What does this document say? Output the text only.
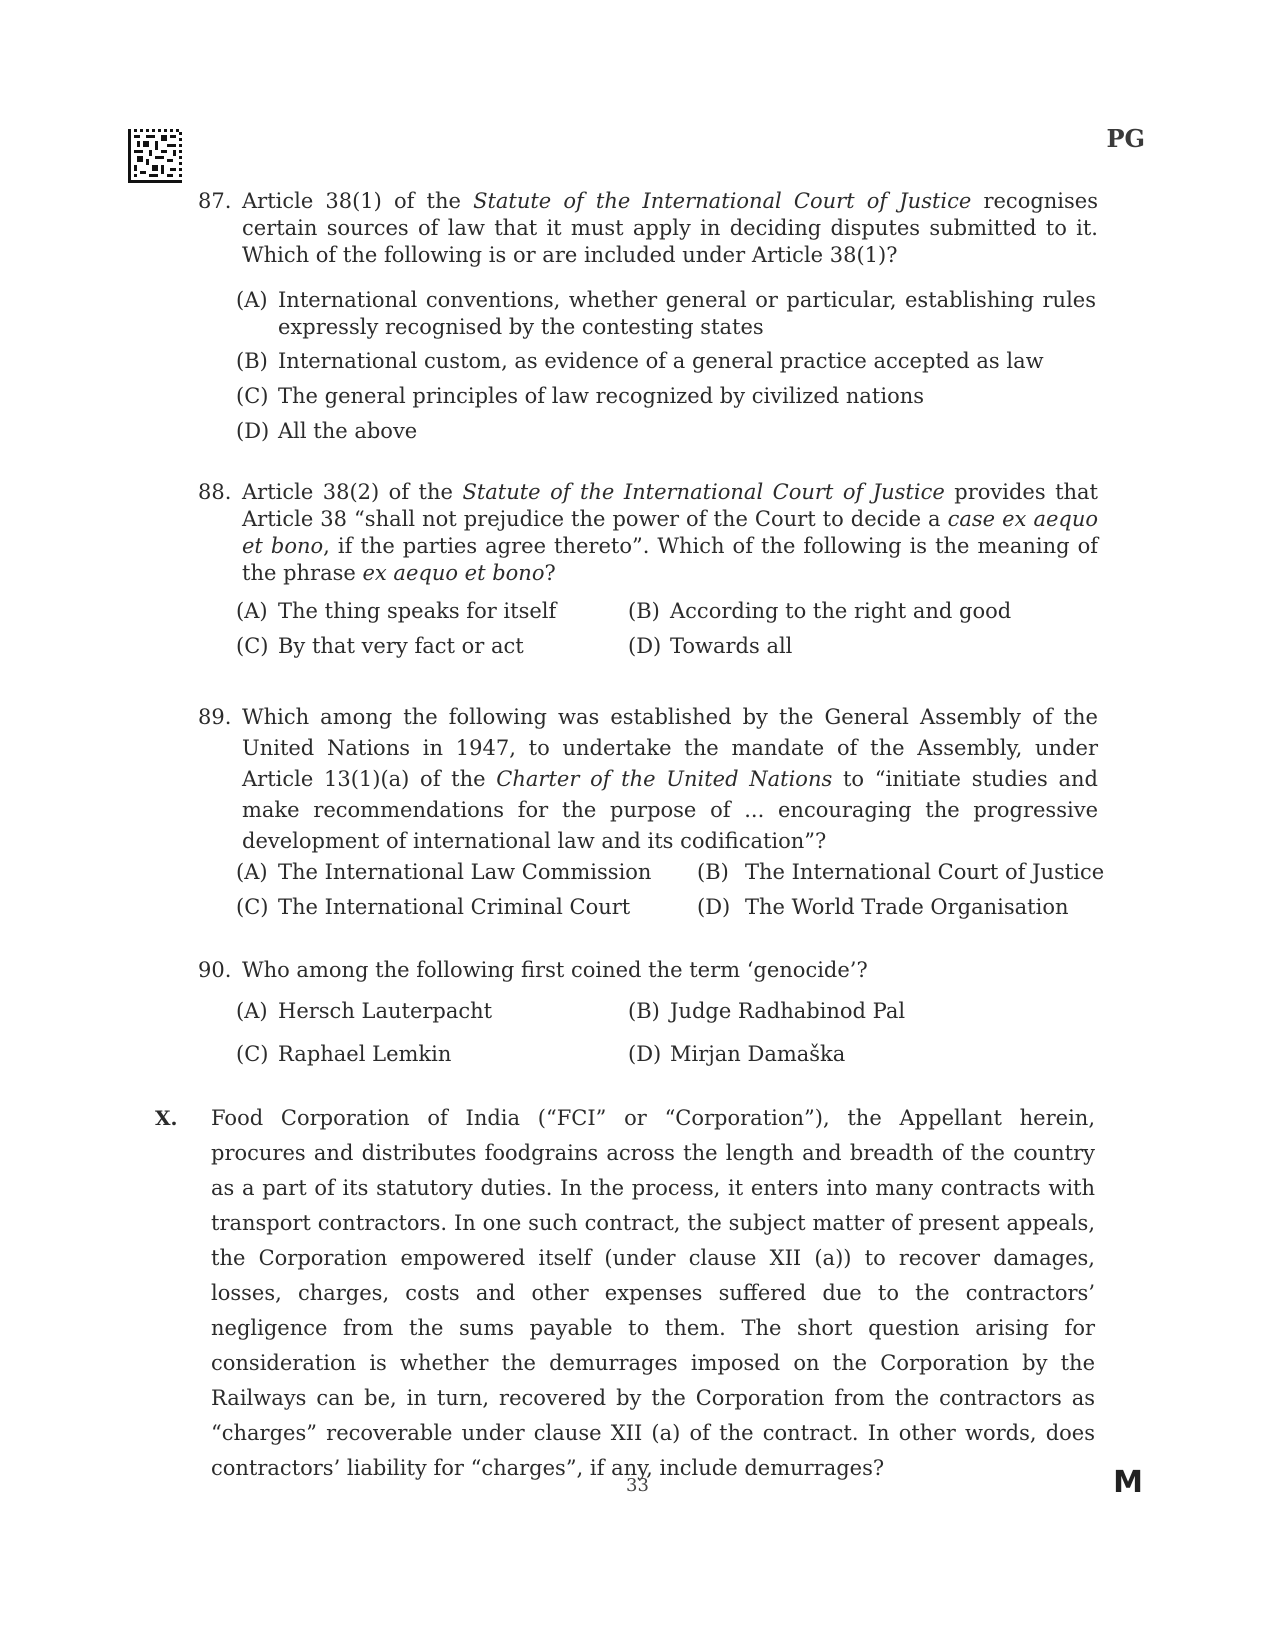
PG
87. Article 38(1) of the Statute of the International Court of Justice recognises certain sources of law that it must apply in deciding disputes submitted to it. Which of the following is or are included under Article 38(1)?
(A) International conventions, whether general or particular, establishing rules expressly recognised by the contesting states
(B) International custom, as evidence of a general practice accepted as law
(C) The general principles of law recognized by civilized nations
(D) All the above
88. Article 38(2) of the Statute of the International Court of Justice provides that Article 38 “shall not prejudice the power of the Court to decide a case ex aequo et bono, if the parties agree thereto”. Which of the following is the meaning of the phrase ex aequo et bono?
(A) The thing speaks for itself	(B) According to the right and good
(C) By that very fact or act	(D) Towards all
89. Which among the following was established by the General Assembly of the United Nations in 1947, to undertake the mandate of the Assembly, under Article 13(1)(a) of the Charter of the United Nations to “initiate studies and make recommendations for the purpose of ... encouraging the progressive development of international law and its codification”?
(A) The International Law Commission (B) The International Court of Justice
(C) The International Criminal Court	(D) The World Trade Organisation
90. Who among the following first coined the term ‘genocide’?
(A) Hersch Lauterpacht	(B) Judge Radhabinod Pal
(C) Raphael Lemkin	(D) Mirjan Damaška
X. Food Corporation of India (“FCI” or “Corporation”), the Appellant herein, procures and distributes foodgrains across the length and breadth of the country as a part of its statutory duties. In the process, it enters into many contracts with transport contractors. In one such contract, the subject matter of present appeals, the Corporation empowered itself (under clause XII (a)) to recover damages, losses, charges, costs and other expenses suffered due to the contractors’ negligence from the sums payable to them. The short question arising for consideration is whether the demurrages imposed on the Corporation by the Railways can be, in turn, recovered by the Corporation from the contractors as “charges” recoverable under clause XII (a) of the contract. In other words, does contractors’ liability for “charges”, if any, include demurrages?
33	M
